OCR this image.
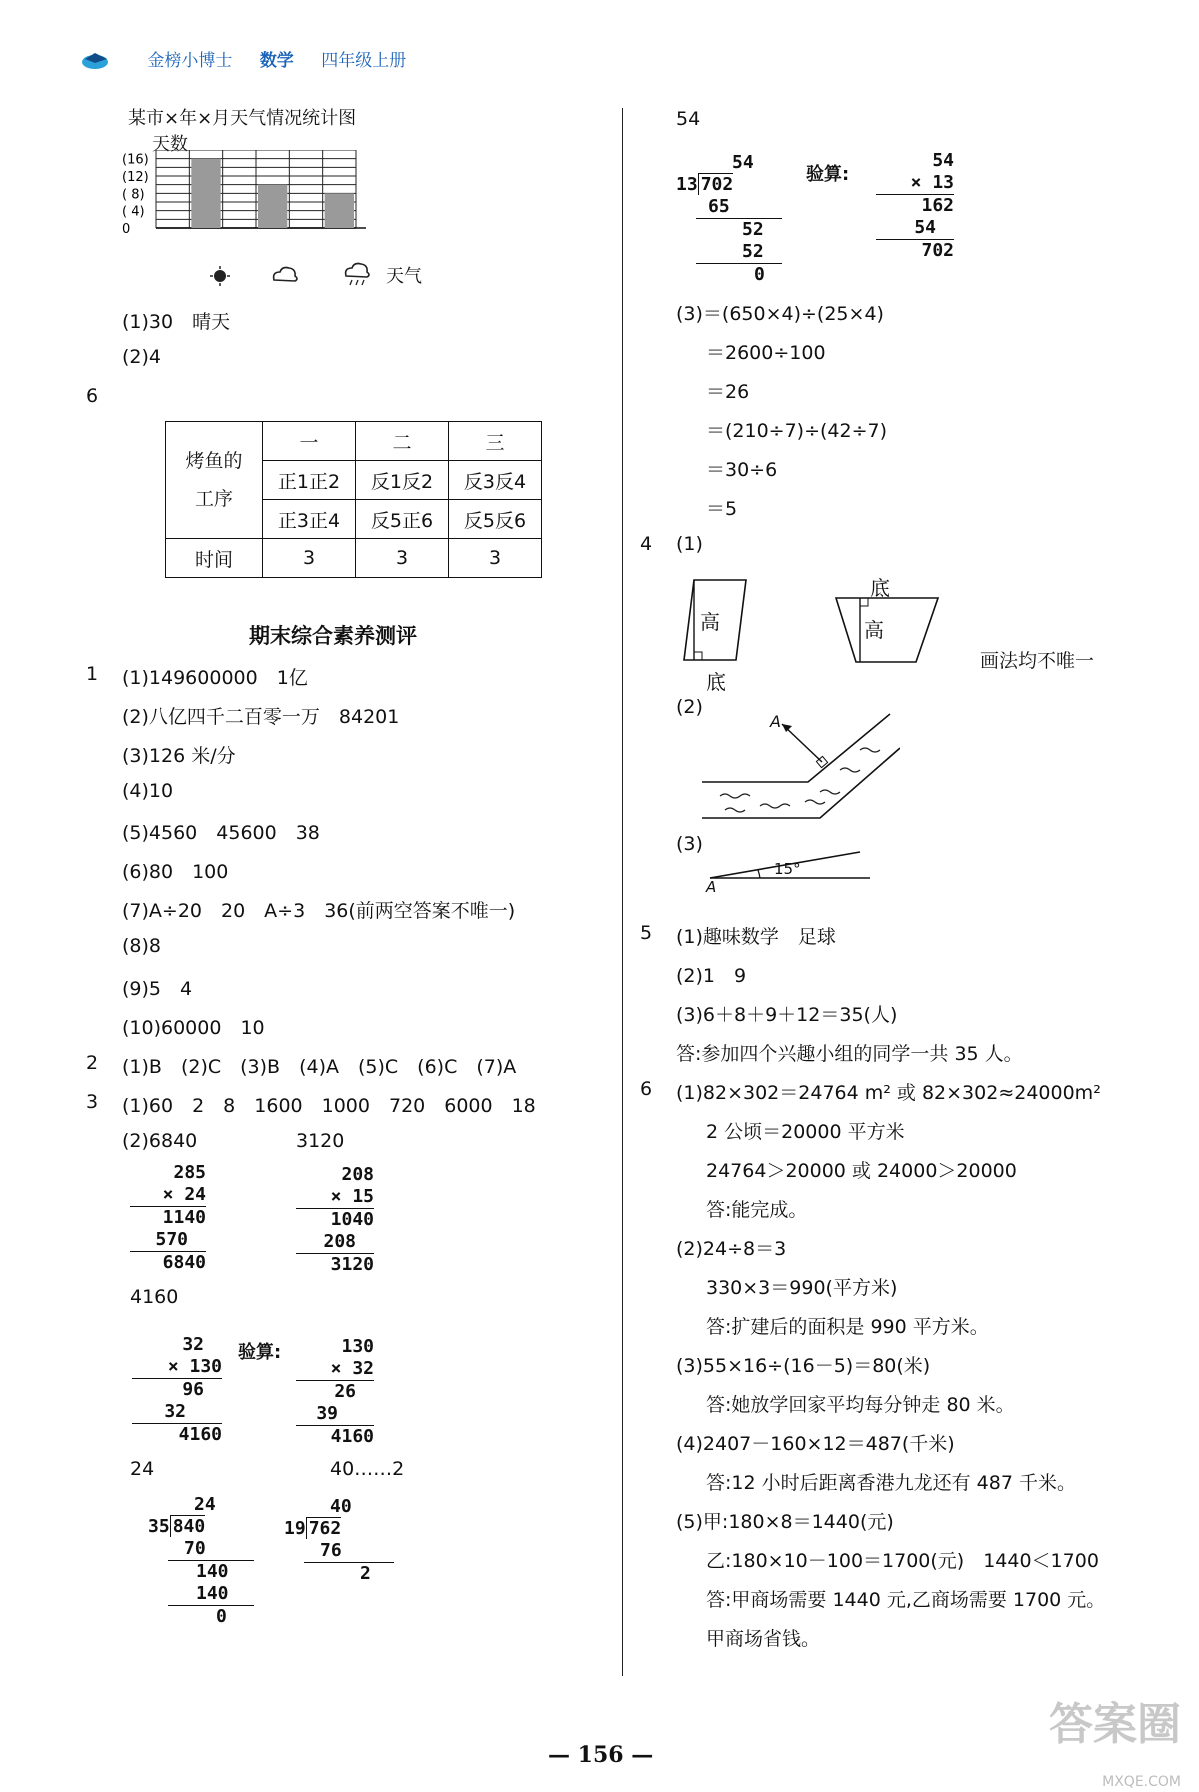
金榜小博士 数学 四年级上册
某市×年×月天气情况统计图
天数
(16)
(12)
( 8)
( 4)
0
天气
(1)30　晴天
(2)4
6
烤鱼的
工序	一	二	三
	正1正2	反1反2	反3反4
	正3正4	反5正6	反5反6
时间	3	3	3
期末综合素养测评
1 (1)149600000　1亿
(2)八亿四千二百零一万　84201
(3)126 米/分
(4)10
(5)4560　45600　38
(6)80　100
(7)A÷20　20　A÷3　36(前两空答案不唯一)
(8)8
(9)5　4
(10)60000　10
2 (1)B　(2)C　(3)B　(4)A　(5)C　(6)C　(7)A
3 (1)60　2　8　1600　1000　720　6000　18
(2)6840	3120
285
× 24
1140
570
6840
208
× 15
1040
208
3120
4160
32
× 130
96
32
4160
验算:	130
× 32
26
39
4160
24	40……2
24
35 840
70
140
140
0
40
19 762
76
2
54
54
13 702
65
52
52
0
验算:
54
× 13
162
54
702
(3)＝(650×4)÷(25×4)
＝2600÷100
＝26
＝(210÷7)÷(42÷7)
＝30÷6
＝5
4 (1)
高
底
底
高
画法均不唯一
(2)
A
(3)
15°
A
5 (1)趣味数学　足球
(2)1　9
(3)6＋8＋9＋12＝35(人)
答:参加四个兴趣小组的同学一共 35 人。
6 (1)82×302＝24764 m² 或 82×302≈24000m²
2 公顷＝20000 平方米
24764＞20000 或 24000＞20000
答:能完成。
(2)24÷8＝3
330×3＝990(平方米)
答:扩建后的面积是 990 平方米。
(3)55×16÷(16－5)＝80(米)
答:她放学回家平均每分钟走 80 米。
(4)2407－160×12＝487(千米)
答:12 小时后距离香港九龙还有 487 千米。
(5)甲:180×8＝1440(元)
乙:180×10－100＝1700(元)　1440＜1700
答:甲商场需要 1440 元,乙商场需要 1700 元。
甲商场省钱。
— 156 —
答案圈
MXQE.COM
